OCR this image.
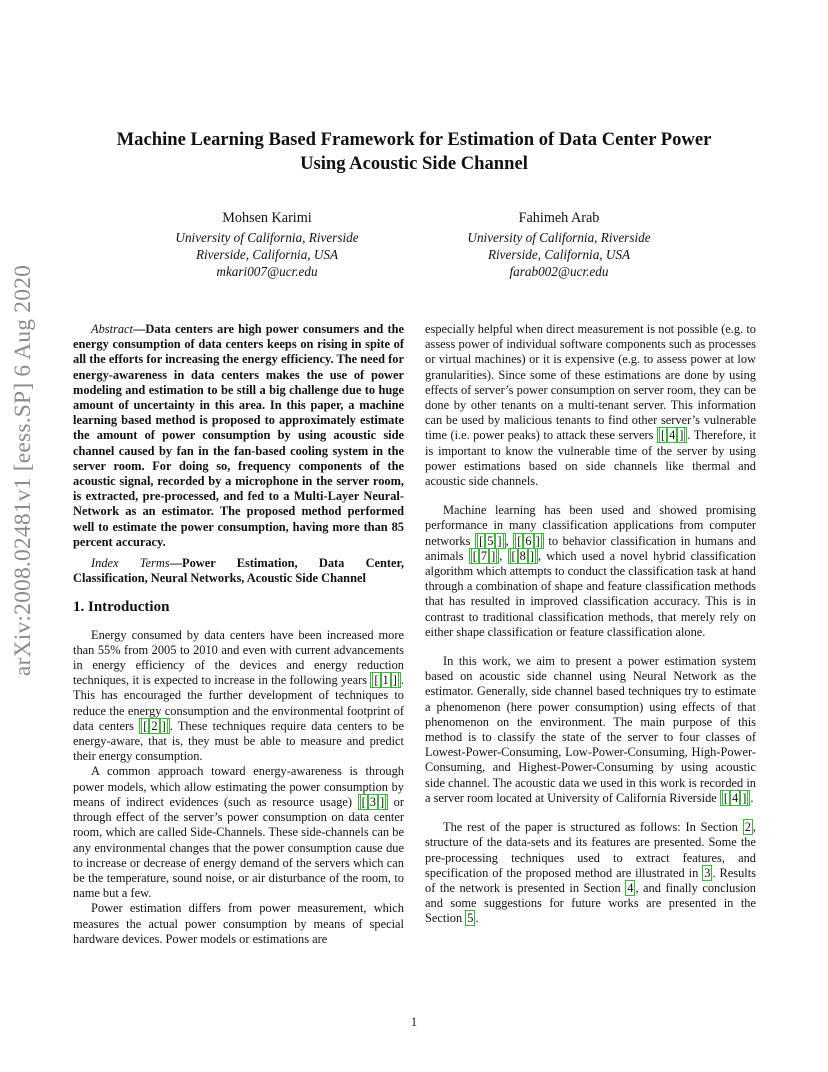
arXiv:2008.02481v1 [eess.SP] 6 Aug 2020
Machine Learning Based Framework for Estimation of Data Center Power
Using Acoustic Side Channel
Mohsen Karimi
University of California, Riverside
Riverside, California, USA
mkari007@ucr.edu
Fahimeh Arab
University of California, Riverside
Riverside, California, USA
farab002@ucr.edu

Abstract—Data centers are high power consumers and the energy consumption of data centers keeps on rising in spite of all the efforts for increasing the energy efficiency. The need for energy-awareness in data centers makes the use of power modeling and estimation to be still a big challenge due to huge amount of uncertainty in this area. In this paper, a machine learning based method is proposed to approximately estimate the amount of power consumption by using acoustic side channel caused by fan in the fan-based cooling system in the server room. For doing so, frequency components of the acoustic signal, recorded by a microphone in the server room, is extracted, pre-processed, and fed to a Multi-Layer Neural-Network as an estimator. The proposed method performed well to estimate the power consumption, having more than 85 percent accuracy.

Index Terms—Power Estimation, Data Center, Classification, Neural Networks, Acoustic Side Channel

1. Introduction

Energy consumed by data centers have been increased more than 55% from 2005 to 2010 and even with current advancements in energy efficiency of the devices and energy reduction techniques, it is expected to increase in the following years [ 1 ] . This has encouraged the further development of techniques to reduce the energy consumption and the environmental footprint of data centers [ 2 ] . These techniques require data centers to be energy-aware, that is, they must be able to measure and predict their energy consumption.

A common approach toward energy-awareness is through power models, which allow estimating the power consumption by means of indirect evidences (such as resource usage) [ 3 ] or through effect of the server’s power consumption on data center room, which are called Side-Channels. These side-channels can be any environmental changes that the power consumption cause due to increase or decrease of energy demand of the servers which can be the temperature, sound noise, or air disturbance of the room, to name but a few.

Power estimation differs from power measurement, which measures the actual power consumption by means of special hardware devices. Power models or estimations are

especially helpful when direct measurement is not possible (e.g. to assess power of individual software components such as processes or virtual machines) or it is expensive (e.g. to assess power at low granularities). Since some of these estimations are done by using effects of server’s power consumption on server room, they can be done by other tenants on a multi-tenant server. This information can be used by malicious tenants to find other server’s vulnerable time (i.e. power peaks) to attack these servers [ 4 ] . Therefore, it is important to know the vulnerable time of the server by using power estimations based on side channels like thermal and acoustic side channels.

Machine learning has been used and showed promising performance in many classification applications from computer networks [ 5 ] , [ 6 ] to behavior classification in humans and animals [ 7 ] , [ 8 ] , which used a novel hybrid classification algorithm which attempts to conduct the classification task at hand through a combination of shape and feature classification methods that has resulted in improved classification accuracy. This is in contrast to traditional classification methods, that merely rely on either shape classification or feature classification alone.

In this work, we aim to present a power estimation system based on acoustic side channel using Neural Network as the estimator. Generally, side channel based techniques try to estimate a phenomenon (here power consumption) using effects of that phenomenon on the environment. The main purpose of this method is to classify the state of the server to four classes of Lowest-Power-Consuming, Low-Power-Consuming, High-Power-Consuming, and Highest-Power-Consuming by using acoustic side channel. The acoustic data we used in this work is recorded in a server room located at University of California Riverside [ 4 ] .

The rest of the paper is structured as follows: In Section 2 , structure of the data-sets and its features are presented. Some the pre-processing techniques used to extract features, and specification of the proposed method are illustrated in 3 . Results of the network is presented in Section 4 , and finally conclusion and some suggestions for future works are presented in the Section 5 .

1
